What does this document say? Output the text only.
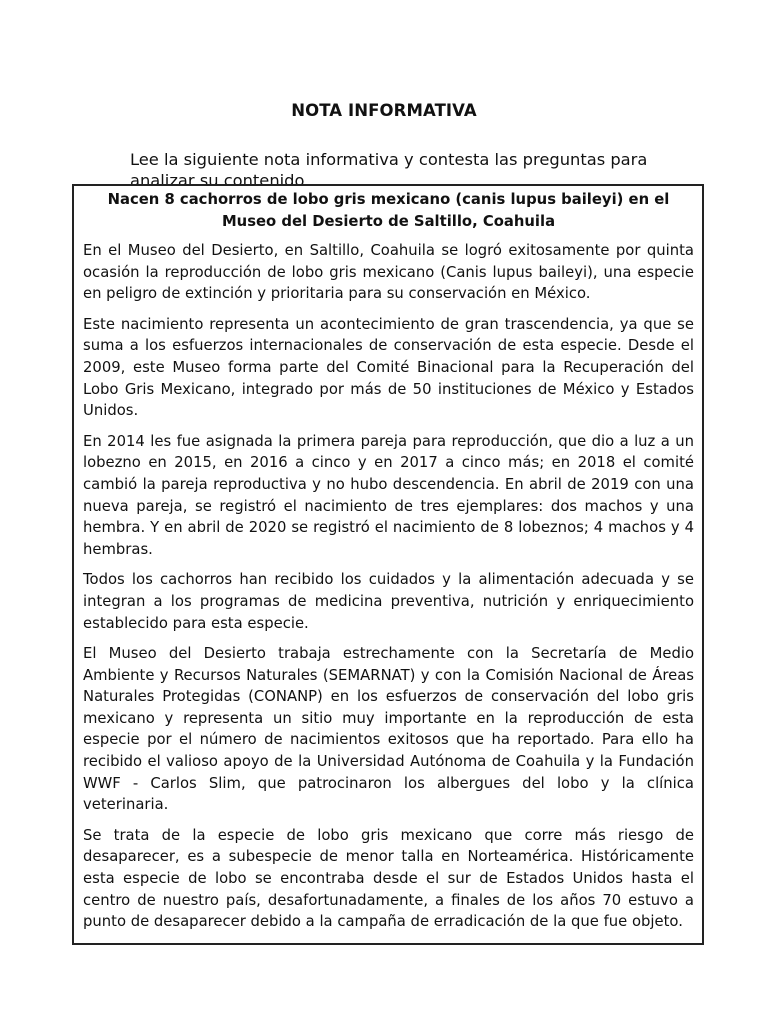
NOTA INFORMATIVA

Lee la siguiente nota informativa y contesta las preguntas para analizar su contenido.

Nacen 8 cachorros de lobo gris mexicano (canis lupus baileyi) en el Museo del Desierto de Saltillo, Coahuila

En el Museo del Desierto, en Saltillo, Coahuila se logró exitosamente por quinta ocasión la reproducción de lobo gris mexicano (Canis lupus baileyi), una especie en peligro de extinción y prioritaria para su conservación en México.

Este nacimiento representa un acontecimiento de gran trascendencia, ya que se suma a los esfuerzos internacionales de conservación de esta especie. Desde el 2009, este Museo forma parte del Comité Binacional para la Recuperación del Lobo Gris Mexicano, integrado por más de 50 instituciones de México y Estados Unidos.

En 2014 les fue asignada la primera pareja para reproducción, que dio a luz a un lobezno en 2015, en 2016 a cinco y en 2017 a cinco más; en 2018 el comité cambió la pareja reproductiva y no hubo descendencia. En abril de 2019 con una nueva pareja, se registró el nacimiento de tres ejemplares: dos machos y una hembra. Y en abril de 2020 se registró el nacimiento de 8 lobeznos; 4 machos y 4 hembras.

Todos los cachorros han recibido los cuidados y la alimentación adecuada y se integran a los programas de medicina preventiva, nutrición y enriquecimiento establecido para esta especie.

El Museo del Desierto trabaja estrechamente con la Secretaría de Medio Ambiente y Recursos Naturales (SEMARNAT) y con la Comisión Nacional de Áreas Naturales Protegidas (CONANP) en los esfuerzos de conservación del lobo gris mexicano y representa un sitio muy importante en la reproducción de esta especie por el número de nacimientos exitosos que ha reportado. Para ello ha recibido el valioso apoyo de la Universidad Autónoma de Coahuila y la Fundación WWF - Carlos Slim, que patrocinaron los albergues del lobo y la clínica veterinaria.

Se trata de la especie de lobo gris mexicano que corre más riesgo de desaparecer, es a subespecie de menor talla en Norteamérica. Históricamente esta especie de lobo se encontraba desde el sur de Estados Unidos hasta el centro de nuestro país, desafortunadamente, a finales de los años 70 estuvo a punto de desaparecer debido a la campaña de erradicación de la que fue objeto.
